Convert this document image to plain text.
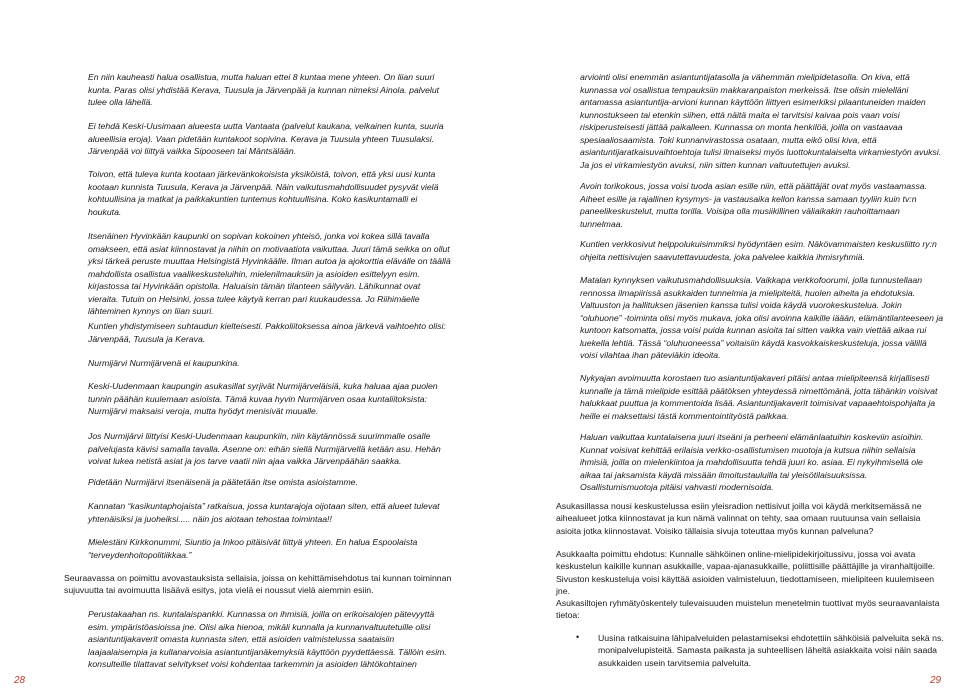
En niin kauheasti halua osallistua, mutta haluan ettei 8 kuntaa mene yhteen. On liian suuri kunta. Paras olisi yhdistää Kerava, Tuusula ja Järvenpää ja kunnan nimeksi Ainola. palvelut tulee olla lähellä.

Ei tehdä Keski-Uusimaan alueesta uutta Vantaata (palvelut kaukana, velkainen kunta, suuria alueellisia eroja). Vaan pidetään kuntakoot sopivina. Kerava ja Tuusula yhteen Tuusulaksi. Järvenpää voi liittyä vaikka Sipooseen tai Mäntsälään.

Toivon, että tuleva kunta kootaan järkevänkokoisista yksiköistä, toivon, että yksi uusi kunta kootaan kunnista Tuusula, Kerava ja Järvenpää. Näin vaikutusmahdollisuudet pysyvät vielä kohtuullisina ja matkat ja paikkakuntien tuntemus kohtuullisina. Koko kasikuntamalli ei houkuta.

Itsenäinen Hyvinkään kaupunki on sopivan kokoinen yhteisö, jonka voi kokea sillä tavalla omakseen, että asiat kiinnostavat ja niihin on motivaatiota vaikuttaa. Juuri tämä seikka on ollut yksi tärkeä peruste muuttaa Helsingistä Hyvinkäälle. Ilman autoa ja ajokorttia eläválle on täällä mahdollista osallistua vaalikeskusteluihin, mielenilmauksiin ja asioiden esittelyyn esim. kirjastossa tai Hyvinkään opistolla. Haluaisin tämän tilanteen säilyvän. Lähikunnat ovat vieraita. Tutuin on Helsinki, jossa tulee käytyä kerran pari kuukaudessa. Jo Riihimäelle lähteminen kynnys on liian suuri.

Kuntien yhdistymiseen suhtaudun kielteisesti. Pakkoliitoksessa ainoa järkevä vaihtoehto olisi: Järvenpää, Tuusula ja Kerava.

Nurmijärvi Nurmijärvenä ei kaupunkina.

Keski-Uudenmaan kaupungin asukasillat syrjivät Nurmijärveläisiä, kuka haluaa ajaa puolen tunnin päähän kuulemaan asioista. Tämä kuvaa hyvin Nurmijärven osaa kuntaliitoksista: Nurmijärvi maksaisi veroja, mutta hyödyt menisivät muualle.

Jos Nurmijärvi liittyisi Keski-Uudenmaan kaupunkiin, niin käytännössä suurimmalle osalle palvelujasta kävisi samalla tavalla. Asenne on: eihän siellä Nurmijärvellä ketään asu. Hehän voivat lukea netistä asiat ja jos tarve vaatii niin ajaa vaikka Järvenpäähän saakka.

Pidetään Nurmijärvi itsenäisenä ja päätetään itse omista asioistamme.

Kannatan “kasikuntaphojaista” ratkaisua, jossa kuntarajoja oijotaan siten, että alueet tulevat yhtenäisiksi ja juoheiksi..... näin jos aiotaan tehostaa toimintaa!!

Mielestäni Kirkkonummi, Siuntio ja Inkoo pitäisivät liittyä yhteen. En halua Espoolaista “terveydenhoitopolitiikkaa.”

Seuraavassa on poimittu avovastauksista sellaisia, joissa on kehittämisehdotus tai kunnan toiminnan sujuvuutta tai avoimuutta lisäävä esitys, jota vielä ei noussut vielä aiemmin esiin.

Perustakaahan ns. kuntalaispankki. Kunnassa on ihmisiä, joilla on erikoisalojen pätevyyttä esim. ympäristöasioissa jne. Olisi aika hienoa, mikäli kunnalla ja kunnanvaltuutetuille olisi asiantuntijakaverit omasta kunnasta siten, että asioiden valmistelussa saataisiin laajaalaisempia ja kullanarvoisia asiantuntijanäkemyksiä käyttöön pyydettäessä. Tällöin esim. konsulteille tilattavat selvitykset voisi kohdentaa tarkemmin ja asioiden lähtökohtainen

arviointi olisi enemmän asiantuntijatasolla ja vähemmän mielipidetasolla. On kiva, että kunnassa voi osallistua tempauksiin makkaranpaiston merkeissä. Itse olisin mielelläni antamassa asiantuntija-arvioni kunnan käyttöön liittyen esimerkiksi pilaantuneiden maiden kunnostukseen tai etenkin siihen, että näitä maita ei tarvitsisi kaivaa pois vaan voisi riskiperusteisesti jättää paikalleen. Kunnassa on monta henkilöä, joilla on vastaavaa spesiaaliosaamista. Toki kunnanvirastossa osataan, mutta eikö olisi kiva, että asiantuntijaratkaisuvaihtoehtoja tulisi ilmaiseksi myös luottokuntalaiselta virkamiestyön avuksi. Ja jos ei virkamiestyön avuksi, niin sitten kunnan valtuutettujen avuksi.

Avoin torikokous, jossa voisi tuoda asian esille niin, että päättäjät ovat myös vastaamassa. Aiheet esille ja rajallinen kysymys- ja vastausaika kellon kanssa samaan tyyliin kuin tv:n paneelikeskustelut, mutta torilla. Voisipa olla musiikillinen väliaikakin rauhoittamaan tunnelmaa.

Kuntien verkkosivut helppolukuisimmiksi hyödyntäen esim. Näkövammaisten keskusliitto ry:n ohjeita nettisivujen saavutettavuudesta, joka palvelee kaikkia ihmisryhmiä.

Matalan kynnyksen vaikutusmahdollisuuksia. Vaikkapa verkkofoorumi, jolla tunnustellaan rennossa ilmapiirissä asukkaiden tunnelmia ja mielipiteitä, huolen aiheita ja ehdotuksia. Valtuuston ja hallituksen jäsenien kanssa tulisi voida käydä vuorokeskustelua. Jokin “oluhuone” -toiminta olisi myös mukava, joka olisi avoinna kaikille iäään, elämäntilanteeseen ja kuntoon katsomatta, jossa voisi puida kunnan asioita tai sitten vaikka vain viettää aikaa rui luekella lehtiä. Tässä “oluhuoneessa” voitaisiin käydä kasvokkaiskeskusteluja, jossa välillä voisi vilahtaa ihan päteviäkin ideoita.

Nykyajan avoimuutta korostaen tuo asiantuntijakaveri pitäisi antaa mielipiteensä kirjallisesti kunnalle ja tämä mielipide esittää päätöksen yhteydessä nimettömänä, jotta tähänkin voisivat halukkaat puuttua ja kommentoida lisää. Asiantuntijakaverit toimisivat vapaaehtoispohjalta ja heille ei maksettaisi tästä kommentointityöstä palkkaa.

Haluan vaikuttaa kuntalaisena juuri itseäni ja perheeni elämänlaatuihin koskeviin asioihin. Kunnat voisivat kehittää erilaisia verkko-osallistumisen muotoja ja kutsua niihin sellaisia ihmisiä, joilla on mielenkiintoa ja mahdollisuutta tehdä juuri ko. asiaa. Ei nykyihmisellä ole aikaa tai jaksamista käydä missään ilmoitustauluilla tai yleisötilaisuuksissa. Osallistumismuotoja pitäisi vahvasti modernisoida.

Asukasillassa nousi keskustelussa esiin yleisradion nettisivut joilla voi käydä merkitsemässä ne aihealueet jotka kiinnostavat ja kun nämä valinnat on tehty, saa omaan ruutuunsa vain sellaisia asioita jotka kiinnostavat. Voisiko tällaisia sivuja toteuttaa myös kunnan palveluna?

Asukkaalta poimittu ehdotus: Kunnalle sähköinen online-mielipidekirjoitussivu, jossa voi avata keskustelun kaikille kunnan asukkaille, vapaa-ajanasukkaille, poliittisille päättäjille ja viranhaltijoille. Sivuston keskusteluja voisi käyttää asioiden valmisteluun, tiedottamiseen, mielipiteen kuulemiseen jne.

Asukasiltojen ryhmätyöskentely tulevaisuuden muistelun menetelmin tuottivat myös seuraavanlaista tietoa:

• Uusina ratkaisuina lähipalveluiden pelastamiseksi ehdotettiin sähköisiä palveluita sekä ns. monipalvelupisteitä. Samasta paikasta ja suhteellisen läheltä asiakkaita voisi näin saada asukkaiden usein tarvitsemia palveluita.

28	29
